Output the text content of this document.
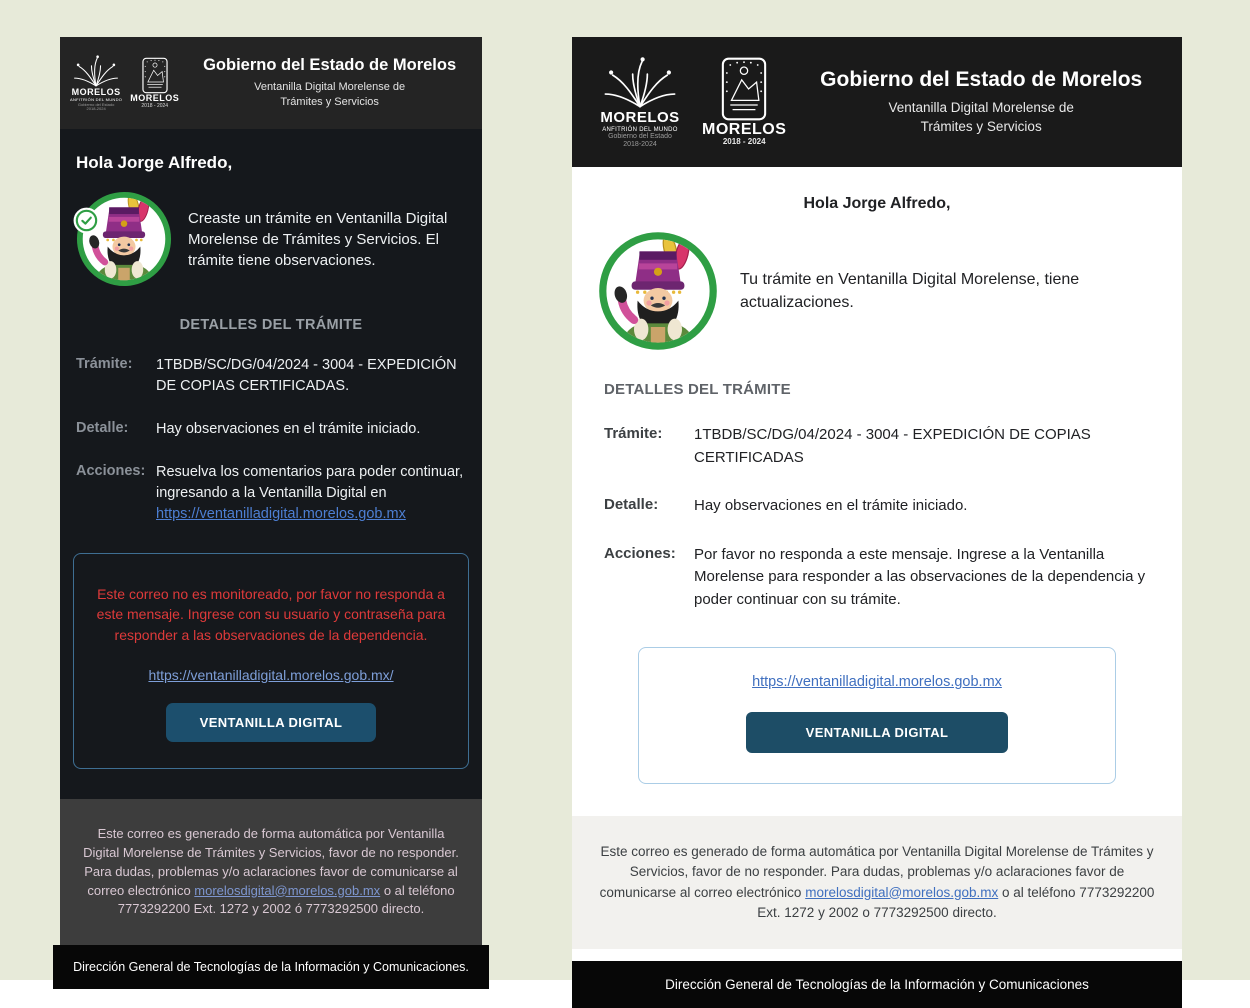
MORELOS
ANFITRIÓN DEL MUNDO
Gobierno del Estado
2018-2024
MORELOS
2018 - 2024
Gobierno del Estado de Morelos
Ventanilla Digital Morelense de Trámites y Servicios
Hola Jorge Alfredo,
Creaste un trámite en Ventanilla Digital Morelense de Trámites y Servicios. El trámite tiene observaciones.
DETALLES DEL TRÁMITE
Trámite:	1TBDB/SC/DG/04/2024 - 3004 - EXPEDICIÓN DE COPIAS CERTIFICADAS.
Detalle:	Hay observaciones en el trámite iniciado.
Acciones: Resuelva los comentarios para poder continuar, ingresando a la Ventanilla Digital en https://ventanilladigital.morelos.gob.mx
Este correo no es monitoreado, por favor no responda a este mensaje. Ingrese con su usuario y contraseña para responder a las observaciones de la dependencia.
https://ventanilladigital.morelos.gob.mx/
VENTANILLA DIGITAL
Este correo es generado de forma automática por Ventanilla Digital Morelense de Trámites y Servicios, favor de no responder. Para dudas, problemas y/o aclaraciones favor de comunicarse al correo electrónico morelosdigital@morelos.gob.mx o al teléfono 7773292200 Ext. 1272 y 2002 ó 7773292500 directo.
Dirección General de Tecnologías de la Información y Comunicaciones.
MORELOS
ANFITRIÓN DEL MUNDO
Gobierno del Estado
2018-2024
MORELOS
2018 - 2024
Gobierno del Estado de Morelos
Ventanilla Digital Morelense de Trámites y Servicios
Hola Jorge Alfredo,
Tu trámite en Ventanilla Digital Morelense, tiene actualizaciones.
DETALLES DEL TRÁMITE
Trámite:	1TBDB/SC/DG/04/2024 - 3004 - EXPEDICIÓN DE COPIAS CERTIFICADAS
Detalle:	Hay observaciones en el trámite iniciado.
Acciones:	Por favor no responda a este mensaje. Ingrese a la Ventanilla Morelense para responder a las observaciones de la dependencia y poder continuar con su trámite.
https://ventanilladigital.morelos.gob.mx
VENTANILLA DIGITAL
Este correo es generado de forma automática por Ventanilla Digital Morelense de Trámites y Servicios, favor de no responder. Para dudas, problemas y/o aclaraciones favor de comunicarse al correo electrónico morelosdigital@morelos.gob.mx o al teléfono 7773292200 Ext. 1272 y 2002 o 7773292500 directo.
Dirección General de Tecnologías de la Información y Comunicaciones
